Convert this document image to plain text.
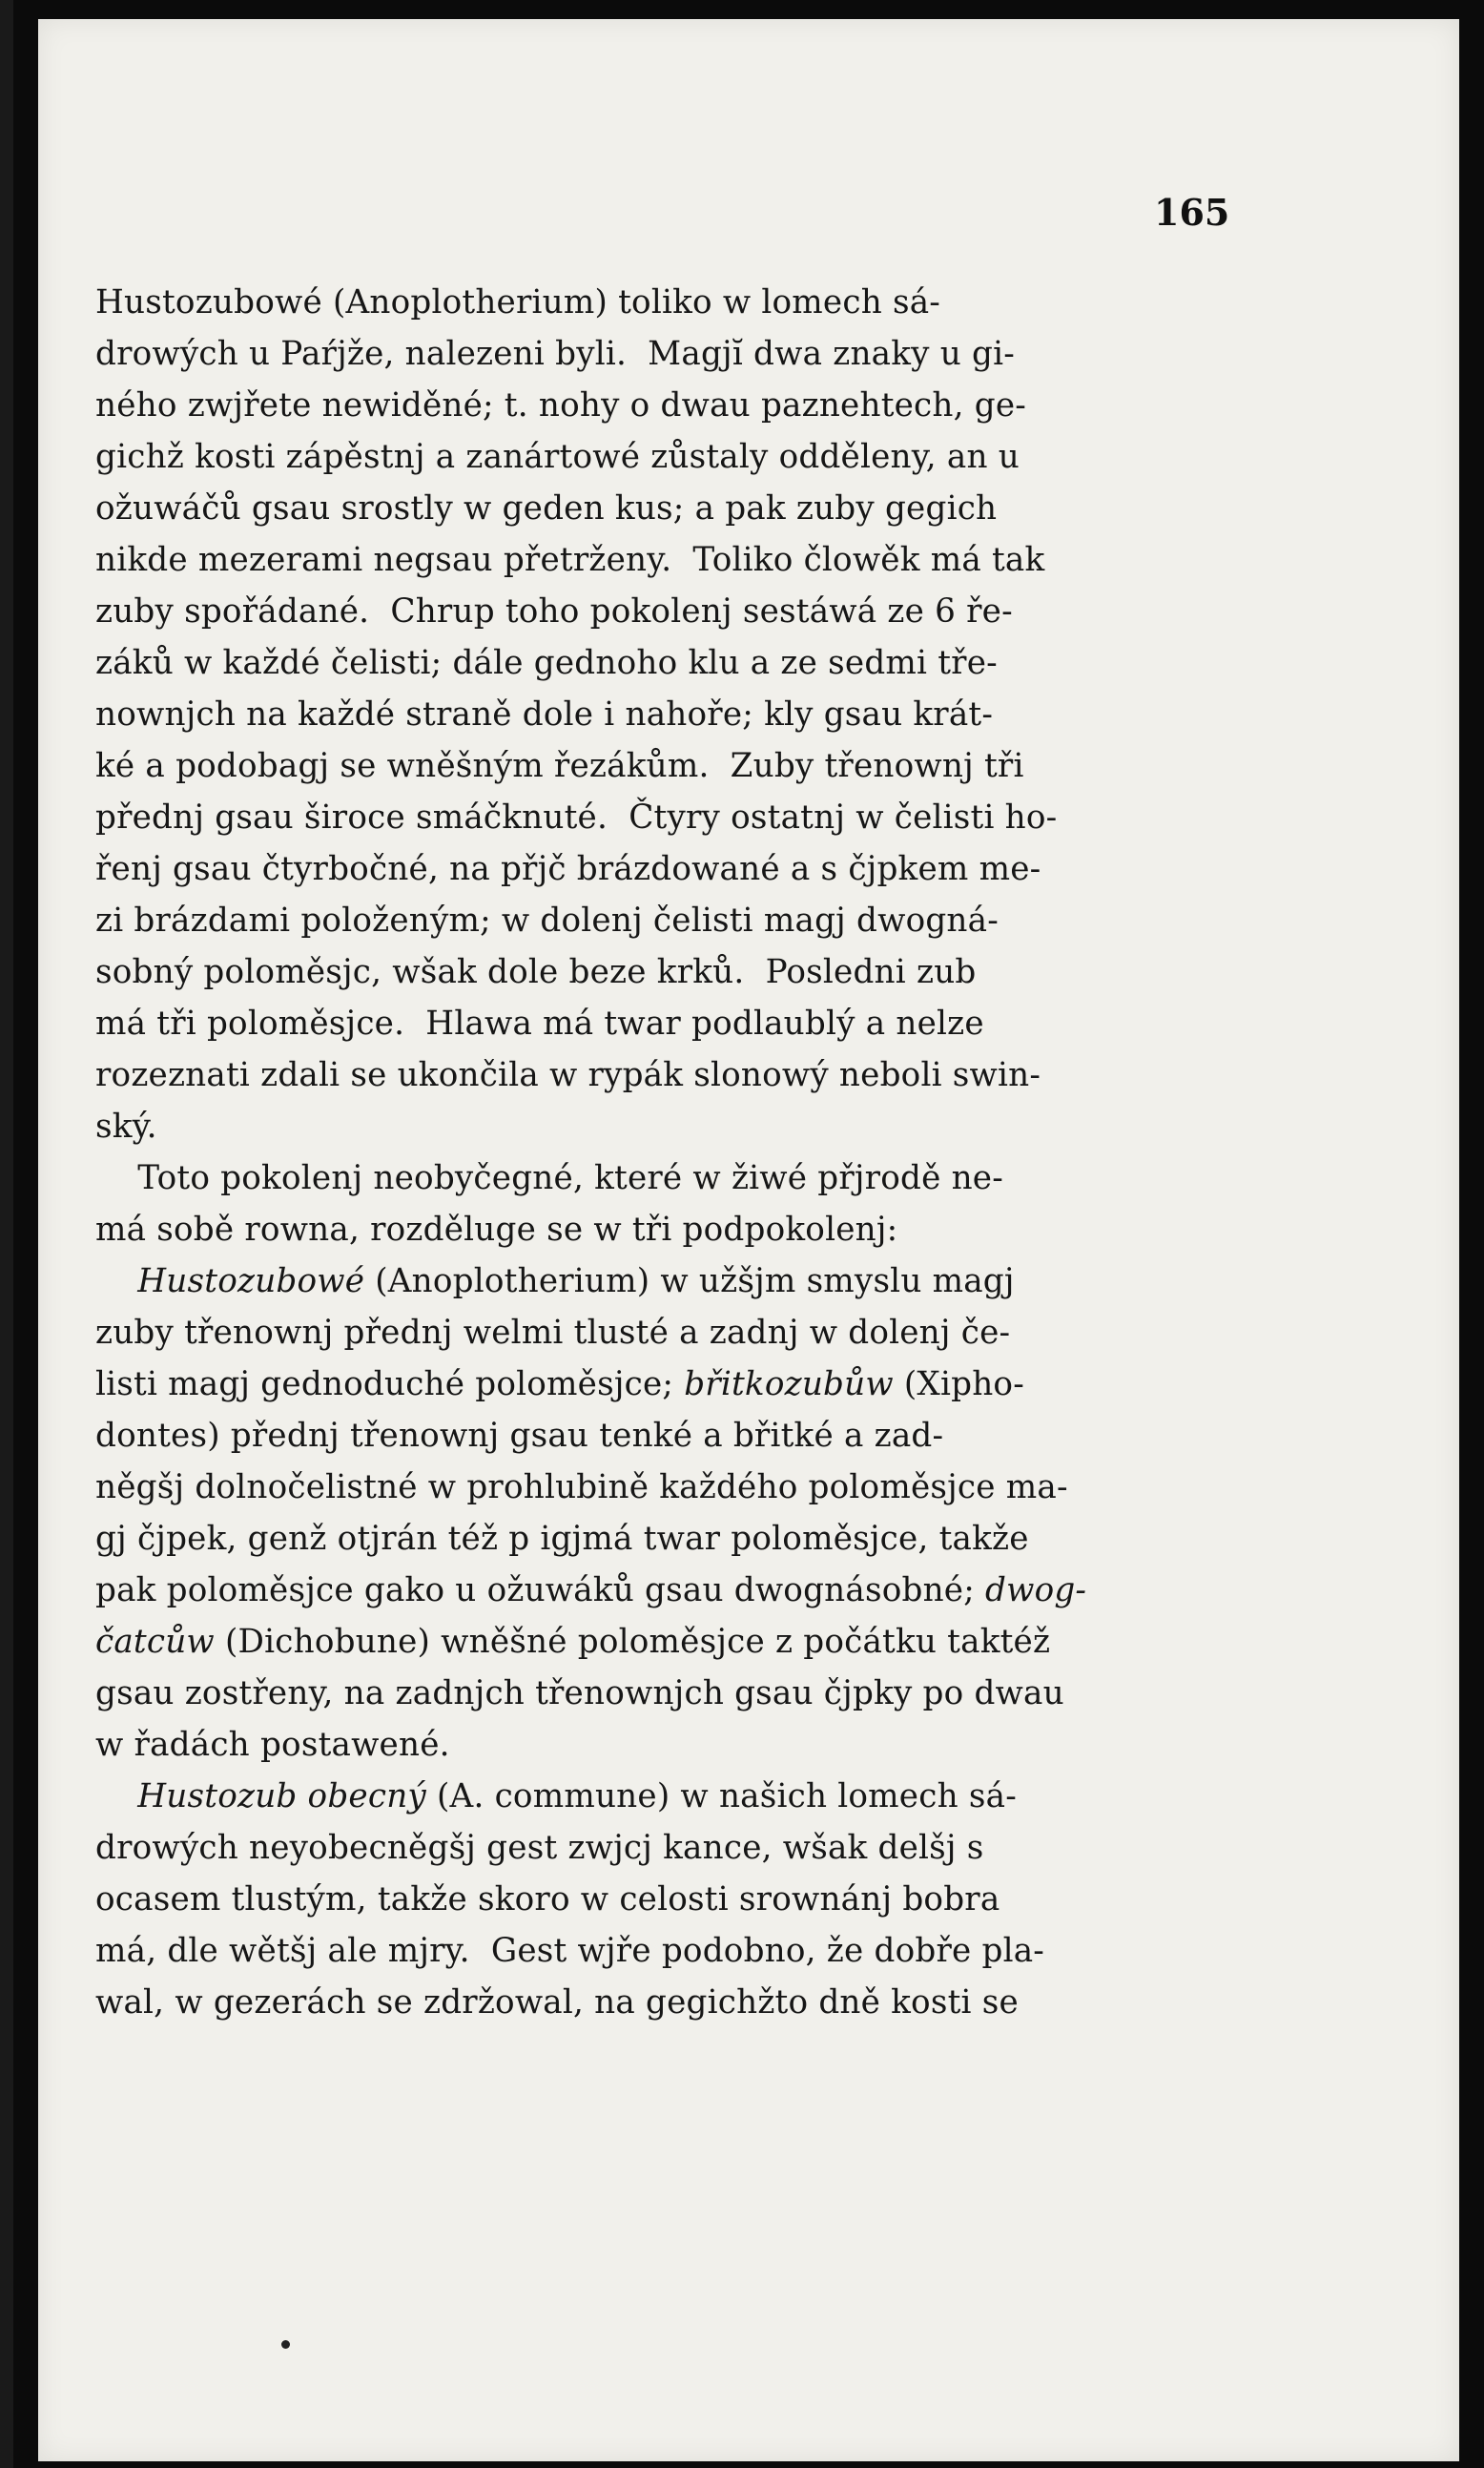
165
Hustozubowé (Anoplotherium) toliko w lomech sá-
drowých u Paŕjže, nalezeni byli.  Magjĭ dwa znaky u gi-
ného zwjřete newiděné; t. nohy o dwau paznehtech, ge-
gichž kosti zápěstnj a zanártowé zůstaly odděleny, an u
ožuwáčů gsau srostly w geden kus; a pak zuby gegich
nikde mezerami negsau přetrženy.  Toliko člowěk má tak
zuby spořádané.  Chrup toho pokolenj sestáwá ze 6 ře-
záků w každé čelisti; dále gednoho klu a ze sedmi tře-
nownjch na každé straně dole i nahoře; kly gsau krát-
ké a podobagj se wněšným řezákům.  Zuby třenownj tři
přednj gsau široce smáčknuté.  Čtyry ostatnj w čelisti ho-
řenj gsau čtyrbočné, na přjč brázdowané a s čjpkem me-
zi brázdami položeným; w dolenj čelisti magj dwogná-
sobný poloměsjc, wšak dole beze krků.  Posledni zub
má tři poloměsjce.  Hlawa má twar podlaublý a nelze
rozeznati zdali se ukončila w rypák slonowý neboli swin-
ský.
Toto pokolenj neobyčegné, které w žiwé přjrodě ne-
má sobě rowna, rozděluge se w tři podpokolenj:
Hustozubowé (Anoplotherium) w užšjm smyslu magj
zuby třenownj přednj welmi tlusté a zadnj w dolenj če-
listi magj gednoduché poloměsjce; břitkozubůw (Xipho-
dontes) přednj třenownj gsau tenké a břitké a zad-
něgšj dolnočelistné w prohlubině každého poloměsjce ma-
gj čjpek, genž otjrán též p igjmá twar poloměsjce, takže
pak poloměsjce gako u ožuwáků gsau dwognásobné; dwog-
čatcůw (Dichobune) wněšné poloměsjce z počátku taktéž
gsau zostřeny, na zadnjch třenownjch gsau čjpky po dwau
w řadách postawené.
Hustozub obecný (A. commune) w našich lomech sá-
drowých neyobecněgšj gest zwjcj kance, wšak delšj s
ocasem tlustým, takže skoro w celosti srownánj bobra
má, dle wětšj ale mjry.  Gest wjře podobno, že dobře pla-
wal, w gezerách se zdržowal, na gegichžto dně kosti se
